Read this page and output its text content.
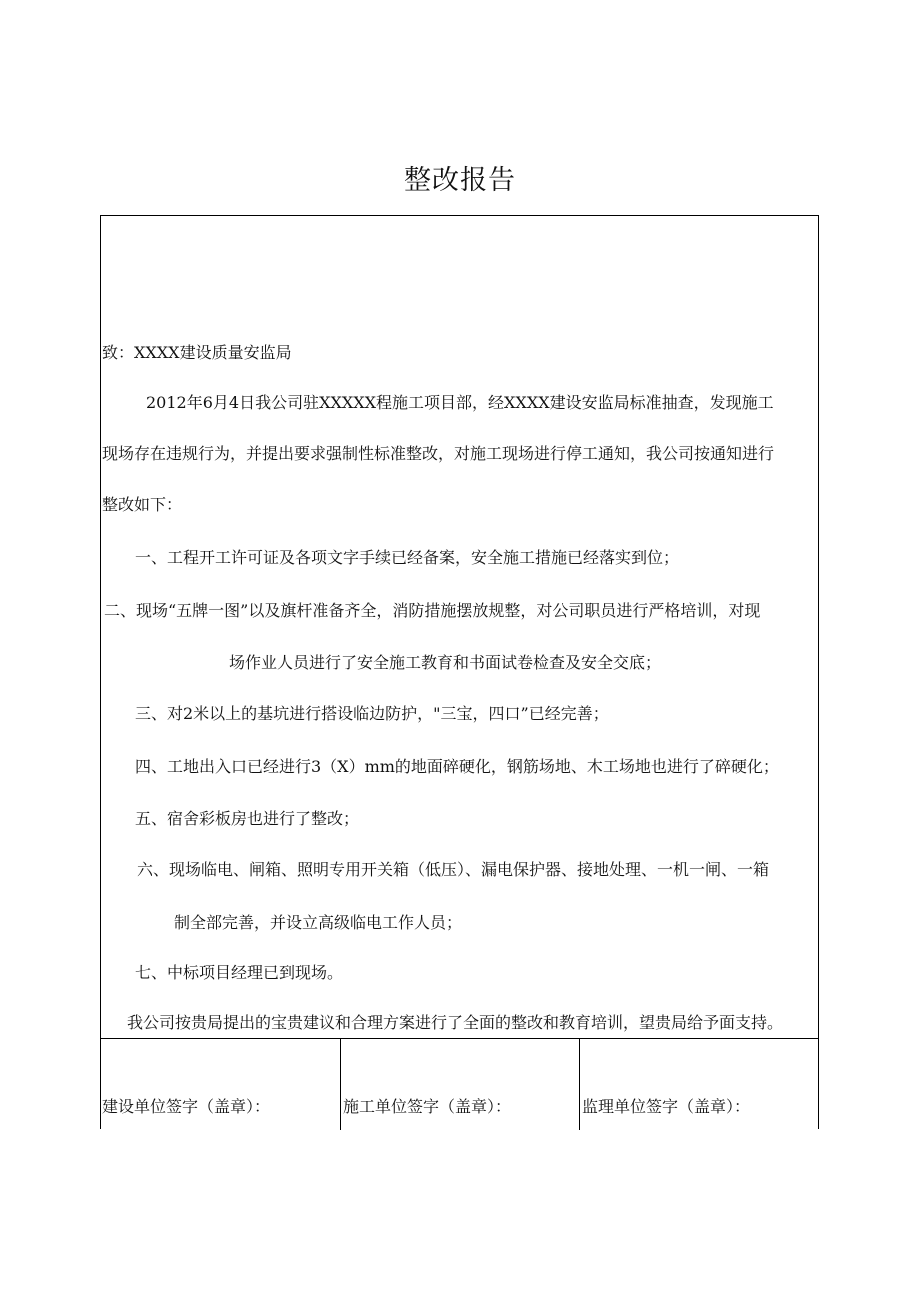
整改报告
致：XXXX建设质量安监局
2012年6月4日我公司驻XXXXX程施工项目部，经XXXX建设安监局标准抽查，发现施工
现场存在违规行为，并提出要求强制性标准整改，对施工现场进行停工通知，我公司按通知进行
整改如下：
一、工程开工许可证及各项文字手续已经备案，安全施工措施已经落实到位；
二、现场“五牌一图”以及旗杆准备齐全，消防措施摆放规整，对公司职员进行严格培训，对现
场作业人员进行了安全施工教育和书面试卷检查及安全交底；
三、对2米以上的基坑进行搭设临边防护，"三宝，四口”已经完善；
四、工地出入口已经进行3（X）mm的地面碎硬化，钢筋场地、木工场地也进行了碎硬化；
五、宿舍彩板房也进行了整改；
六、现场临电、闸箱、照明专用开关箱（低压）、漏电保护器、接地处理、一机一闸、一箱
制全部完善，并设立高级临电工作人员；
七、中标项目经理已到现场。
我公司按贵局提出的宝贵建议和合理方案进行了全面的整改和教育培训，望贵局给予面支持。
建设单位签字（盖章）：	施工单位签字（盖章）：	监理单位签字（盖章）：
